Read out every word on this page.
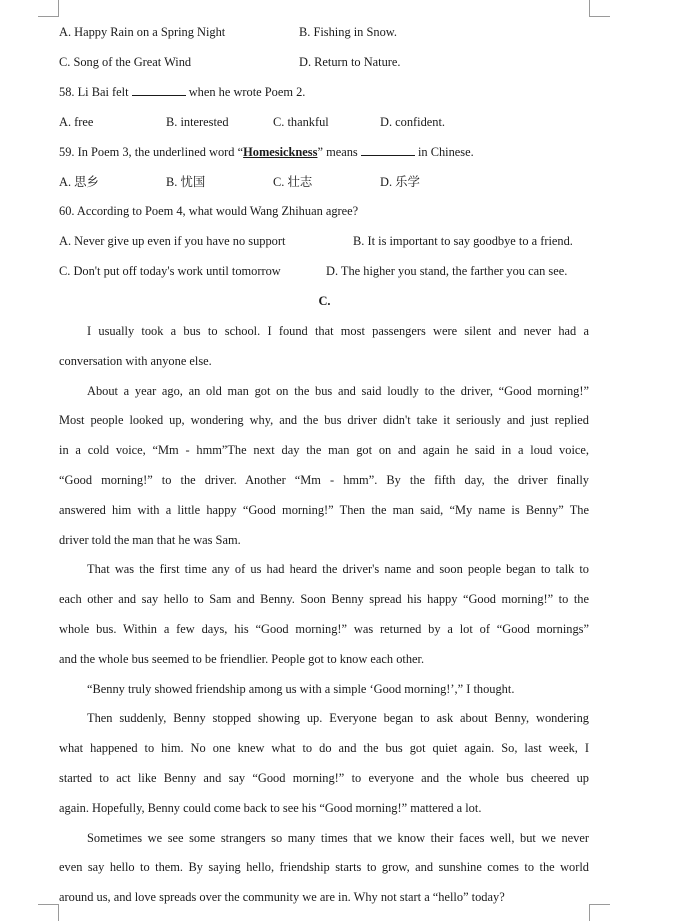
A. Happy Rain on a Spring Night	B. Fishing in Snow.
C. Song of the Great Wind	D. Return to Nature.
58. Li Bai felt	when he wrote Poem 2.
A. free	B. interested	C. thankful	D. confident.
59. In Poem 3, the underlined word “Homesickness” means	in Chinese.
A. 思乡	B. 忧国	C. 壮志	D. 乐学
60. According to Poem 4, what would Wang Zhihuan agree?
A. Never give up even if you have no support	B. It is important to say goodbye to a friend.
C. Don't put off today's work until tomorrow	D. The higher you stand, the farther you can see.
C.
I usually took a bus to school. I found that most passengers were silent and never had a
conversation with anyone else.
About a year ago, an old man got on the bus and said loudly to the driver, “Good morning!”
Most people looked up, wondering why, and the bus driver didn't take it seriously and just replied
in a cold voice, “Mm - hmm”The next day the man got on and again he said in a loud voice,
“Good morning!” to the driver. Another “Mm - hmm”. By the fifth day, the driver finally
answered him with a little happy “Good morning!” Then the man said, “My name is Benny” The
driver told the man that he was Sam.
That was the first time any of us had heard the driver's name and soon people began to talk to
each other and say hello to Sam and Benny. Soon Benny spread his happy “Good morning!” to the
whole bus. Within a few days, his “Good morning!” was returned by a lot of “Good mornings”
and the whole bus seemed to be friendlier. People got to know each other.
“Benny truly showed friendship among us with a simple ‘Good morning!’,” I thought.
Then suddenly, Benny stopped showing up. Everyone began to ask about Benny, wondering
what happened to him. No one knew what to do and the bus got quiet again. So, last week, I
started to act like Benny and say “Good morning!” to everyone and the whole bus cheered up
again. Hopefully, Benny could come back to see his “Good morning!” mattered a lot.
Sometimes we see some strangers so many times that we know their faces well, but we never
even say hello to them. By saying hello, friendship starts to grow, and sunshine comes to the world
around us, and love spreads over the community we are in. Why not start a “hello” today?
